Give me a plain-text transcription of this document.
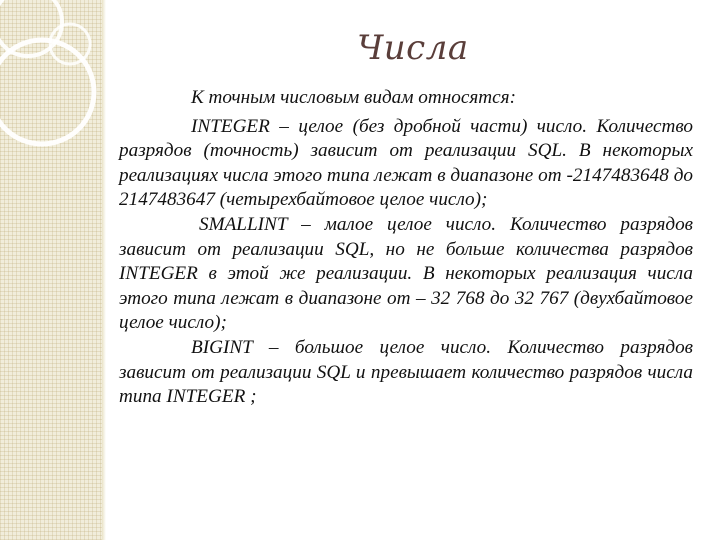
Числа

К точным числовым видам относятся:

INTEGER – целое (без дробной части) число. Количество разрядов (точность) зависит от реализации SQL. В некоторых реализациях числа этого типа лежат в диапазоне от -2147483648 до 2147483647 (четырехбайтовое целое число);

SMALLINT – малое целое число. Количество разрядов зависит от реализации SQL, но не больше количества разрядов INTEGER в этой же реализации. В некоторых реализация числа этого типа лежат в диапазоне от – 32 768 до 32 767 (двухбайтовое целое число);

BIGINT – большое целое число. Количество разрядов зависит от реализации SQL и превышает количество разрядов числа типа INTEGER ;
